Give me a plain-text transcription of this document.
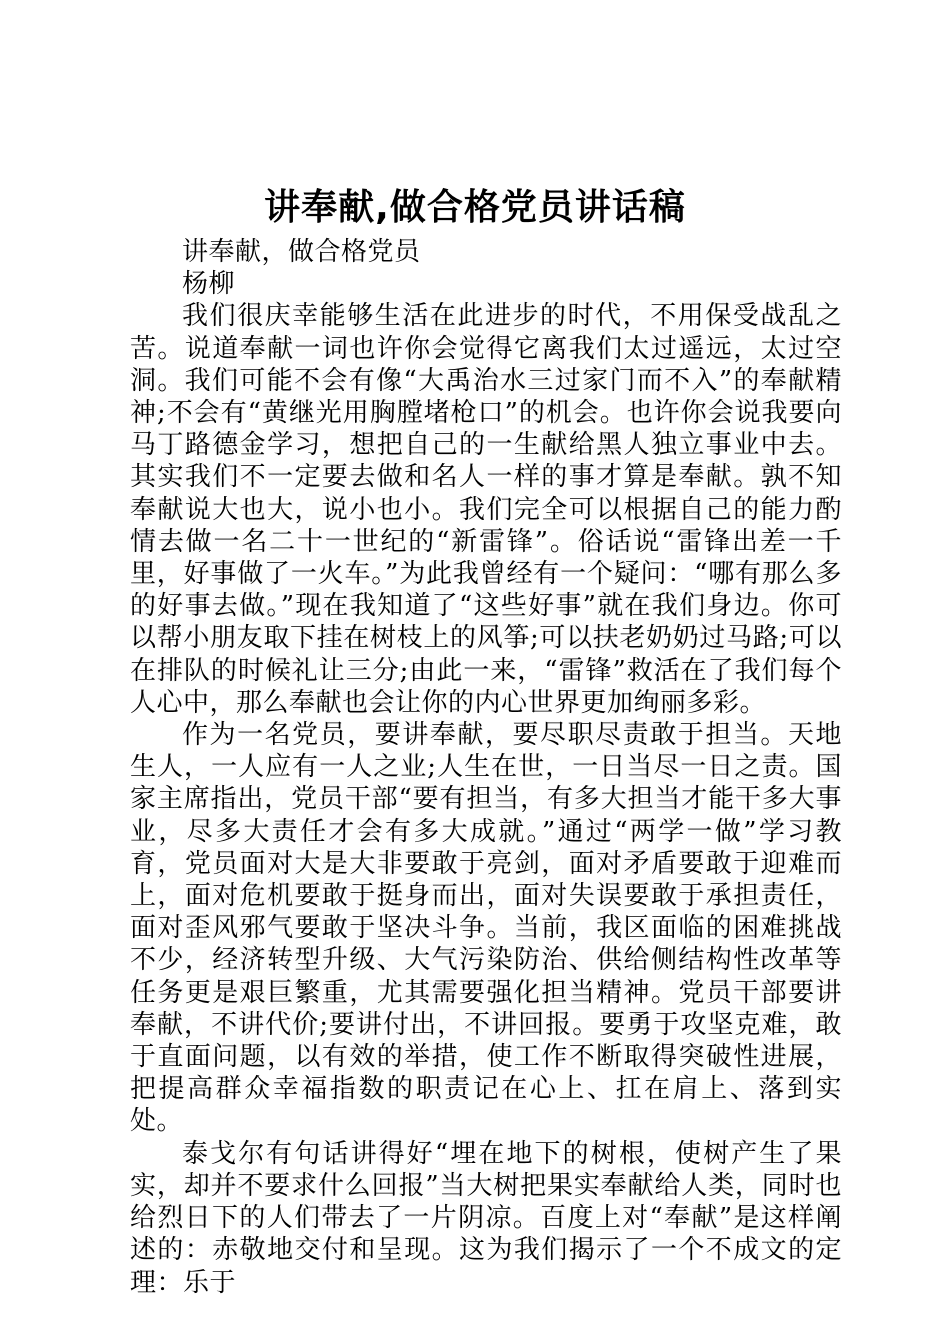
讲奉献,做合格党员讲话稿

讲奉献，做合格党员

杨柳

我们很庆幸能够生活在此进步的时代，不用保受战乱之苦。说道奉献一词也许你会觉得它离我们太过遥远，太过空洞。我们可能不会有像“大禹治水三过家门而不入”的奉献精神;不会有“黄继光用胸膛堵枪口”的机会。也许你会说我要向马丁路德金学习，想把自己的一生献给黑人独立事业中去。其实我们不一定要去做和名人一样的事才算是奉献。孰不知奉献说大也大，说小也小。我们完全可以根据自己的能力酌情去做一名二十一世纪的“新雷锋”。俗话说“雷锋出差一千里，好事做了一火车。”为此我曾经有一个疑问：“哪有那么多的好事去做。”现在我知道了“这些好事”就在我们身边。你可以帮小朋友取下挂在树枝上的风筝;可以扶老奶奶过马路;可以在排队的时候礼让三分;由此一来，“雷锋”救活在了我们每个人心中，那么奉献也会让你的内心世界更加绚丽多彩。

作为一名党员，要讲奉献，要尽职尽责敢于担当。天地生人，一人应有一人之业;人生在世，一日当尽一日之责。国家主席指出，党员干部“要有担当，有多大担当才能干多大事业，尽多大责任才会有多大成就。”通过“两学一做”学习教育，党员面对大是大非要敢于亮剑，面对矛盾要敢于迎难而上，面对危机要敢于挺身而出，面对失误要敢于承担责任，面对歪风邪气要敢于坚决斗争。当前，我区面临的困难挑战不少，经济转型升级、大气污染防治、供给侧结构性改革等任务更是艰巨繁重，尤其需要强化担当精神。党员干部要讲奉献，不讲代价;要讲付出，不讲回报。要勇于攻坚克难，敢于直面问题，以有效的举措，使工作不断取得突破性进展，把提高群众幸福指数的职责记在心上、扛在肩上、落到实处。

泰戈尔有句话讲得好“埋在地下的树根，使树产生了果实，却并不要求什么回报”当大树把果实奉献给人类，同时也给烈日下的人们带去了一片阴凉。百度上对“奉献”是这样阐述的：赤敬地交付和呈现。这为我们揭示了一个不成文的定理：乐于
